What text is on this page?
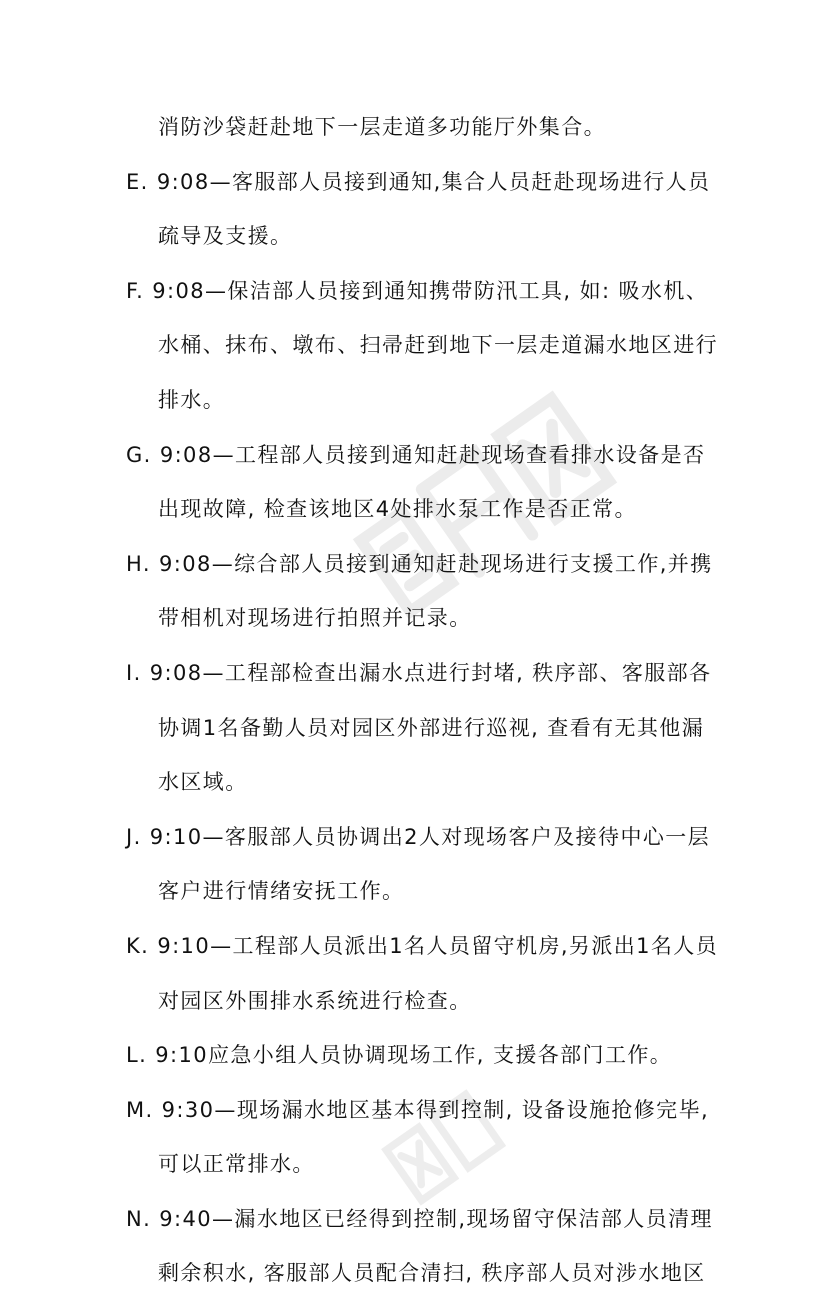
消防沙袋赶赴地下一层走道多功能厅外集合。
E. 9:08—客服部人员接到通知,集合人员赶赴现场进行人员
疏导及支援。
F. 9:08—保洁部人员接到通知携带防汛工具, 如: 吸水机、
水桶、抹布、墩布、扫帚赶到地下一层走道漏水地区进行
排水。
G. 9:08—工程部人员接到通知赶赴现场查看排水设备是否
出现故障, 检查该地区4处排水泵工作是否正常。
H. 9:08—综合部人员接到通知赶赴现场进行支援工作,并携
带相机对现场进行拍照并记录。
I. 9:08—工程部检查出漏水点进行封堵, 秩序部、客服部各
协调1名备勤人员对园区外部进行巡视, 查看有无其他漏
水区域。
J. 9:10—客服部人员协调出2人对现场客户及接待中心一层
客户进行情绪安抚工作。
K. 9:10—工程部人员派出1名人员留守机房,另派出1名人员
对园区外围排水系统进行检查。
L. 9:10应急小组人员协调现场工作, 支援各部门工作。
M. 9:30—现场漏水地区基本得到控制, 设备设施抢修完毕,
可以正常排水。
N. 9:40—漏水地区已经得到控制,现场留守保洁部人员清理
剩余积水, 客服部人员配合清扫, 秩序部人员对涉水地区
